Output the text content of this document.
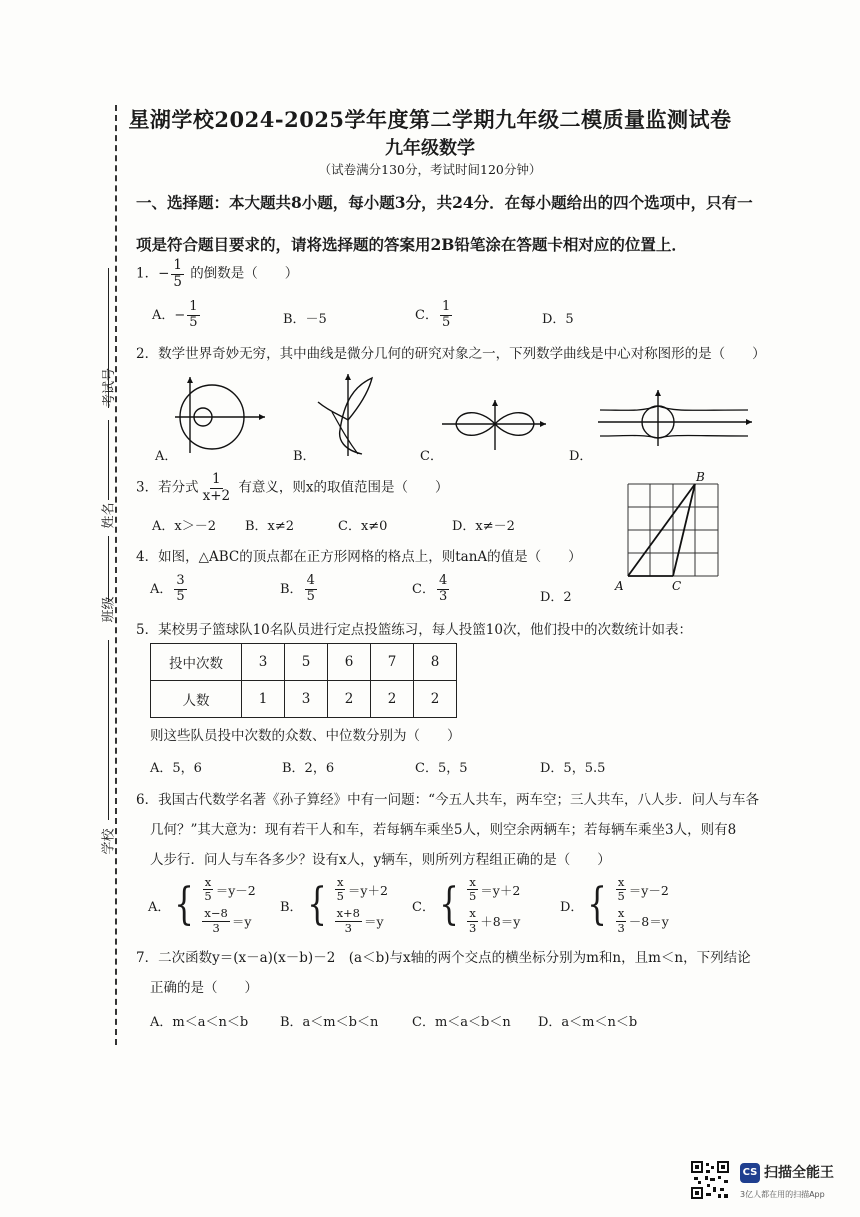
考试号
姓名
班级
学校
星湖学校2024-2025学年度第二学期九年级二模质量监测试卷
九年级数学
（试卷满分130分，考试时间120分钟）
一、选择题：本大题共8小题，每小题3分，共24分．在每小题给出的四个选项中，只有一
项是符合题目要求的，请将选择题的答案用2B铅笔涂在答题卡相对应的位置上．
1．− $\frac{1}{5}$ 的倒数是（　　）
A．− $\frac{1}{5}$	B．－5	C． $\frac{1}{5}$	D．5
2．数学世界奇妙无穷，其中曲线是微分几何的研究对象之一，下列数学曲线是中心对称图形的是（　　）
A．	B．	C．	D．
3．若分式 $\frac{1}{x+2}$ 有意义，则x的取值范围是（　　）
A．x＞－2 B．x≠2	C．x≠0	D．x≠－2
4．如图，△ABC的顶点都在正方形网格的格点上，则tanA的值是（　　）
A． $\frac{3}{5}$	B． $\frac{4}{5}$	C． $\frac{4}{3}$	D．2
B
A	C
5．某校男子篮球队10名队员进行定点投篮练习，每人投篮10次，他们投中的次数统计如表：
投中次数	3	5	6	7	8
人数	1	3	2	2	2
则这些队员投中次数的众数、中位数分别为（　　）
A．5，6	B．2，6	C．5，5	D．5，5.5
6．我国古代数学名著《孙子算经》中有一问题：“今五人共车，两车空；三人共车，八人步．问人与车各
几何？”其大意为：现有若干人和车，若每辆车乘坐5人，则空余两辆车；若每辆车乘坐3人，则有8
人步行．问人与车各多少？设有x人，y辆车，则所列方程组正确的是（　　）
A． { $\frac{x}{5} =y-2$
$\frac{x-8}{3} =y$
B． { $\frac{x}{5} =y+2$
$\frac{x+8}{3} =y$
C． { $\frac{x}{5} =y+2$
$\frac{x}{3} +8=y$
D． { $\frac{x}{5} =y-2$
$\frac{x}{3} -8=y$
7．二次函数y＝(x－a)(x－b)－2　(a＜b)与x轴的两个交点的横坐标分别为m和n，且m＜n，下列结论
正确的是（　　）
A．m＜a＜n＜b B．a＜m＜b＜n	C．m＜a＜b＜n D．a＜m＜n＜b
CS 扫描全能王
3亿人都在用的扫描App
